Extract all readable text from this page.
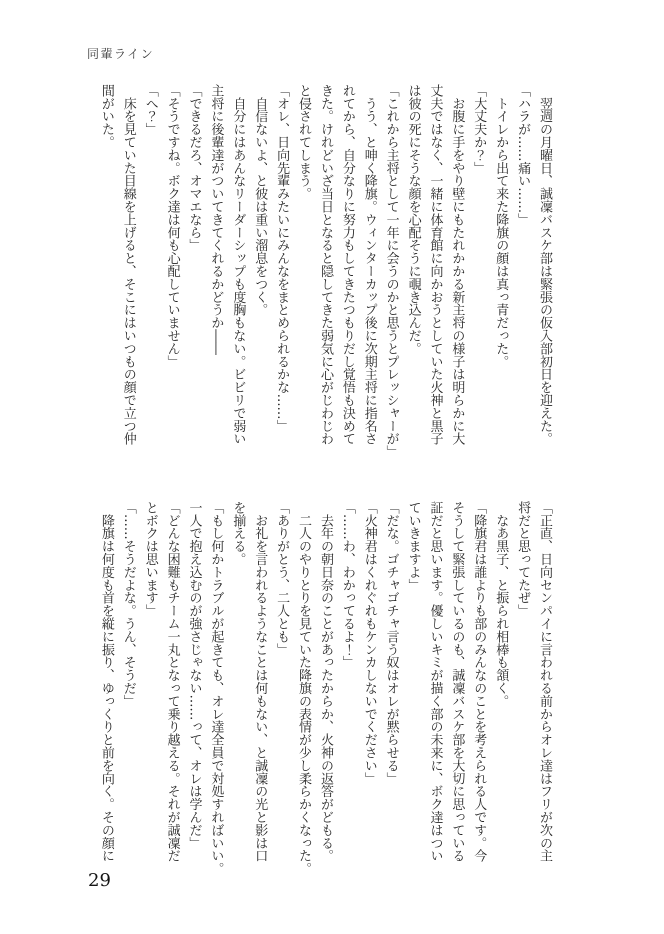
同輩ライン

　翌週の月曜日、誠凜バスケ部は緊張の仮入部初日を迎えた。

「ハラが……痛い……」

　トイレから出て来た降旗の顔は真っ青だった。

「大丈夫か？」

　お腹に手をやり壁にもたれかかる新主将の様子は明らかに大

丈夫ではなく、一緒に体育館に向かおうとしていた火神と黒子

は彼の死にそうな顔を心配そうに覗き込んだ。

「これから主将として一年に会うのかと思うとプレッシャーが」

　うう、と呻く降旗。ウィンターカップ後に次期主将に指名さ

れてから、自分なりに努力もしてきたつもりだし覚悟も決めて

きた。けれどいざ当日となると隠してきた弱気に心がじわじわ

と侵されてしまう。

「オレ、日向先輩みたいにみんなをまとめられるかな……」

　自信ないよ、と彼は重い溜息をつく。

　自分にはあんなリーダーシップも度胸もない。ビビリで弱い

主将に後輩達がついてきてくれるかどうか――

「できるだろ、オマエなら」

「そうですね。ボク達は何も心配していません」

「へ？」

　床を見ていた目線を上げると、そこにはいつもの顔で立つ仲

間がいた。

「正直、日向センパイに言われる前からオレ達はフリが次の主

将だと思ってたぜ」

　なあ黒子、と振られ相棒も頷く。

「降旗君は誰よりも部のみんなのことを考えられる人です。今

そうして緊張しているのも、誠凜バスケ部を大切に思っている

証だと思います。優しいキミが描く部の未来に、ボク達はつい

ていきますよ」

「だな。ゴチャゴチャ言う奴はオレが黙らせる」

「火神君はくれぐれもケンカしないでください」

「……わ、わかってるよ！」

　去年の朝日奈のことがあったからか、火神の返答がどもる。

　二人のやりとりを見ていた降旗の表情が少し柔らかくなった。

「ありがとう、二人とも」

　お礼を言われるようなことは何もない、と誠凜の光と影は口

を揃える。

「もし何かトラブルが起きても、オレ達全員で対処すればいい。

一人で抱え込むのが強さじゃない……って、オレは学んだ」

「どんな困難もチーム一丸となって乗り越える。それが誠凜だ

とボクは思います」

「……そうだよな。うん、そうだ」

　降旗は何度も首を縦に振り、ゆっくりと前を向く。その顔に

29
